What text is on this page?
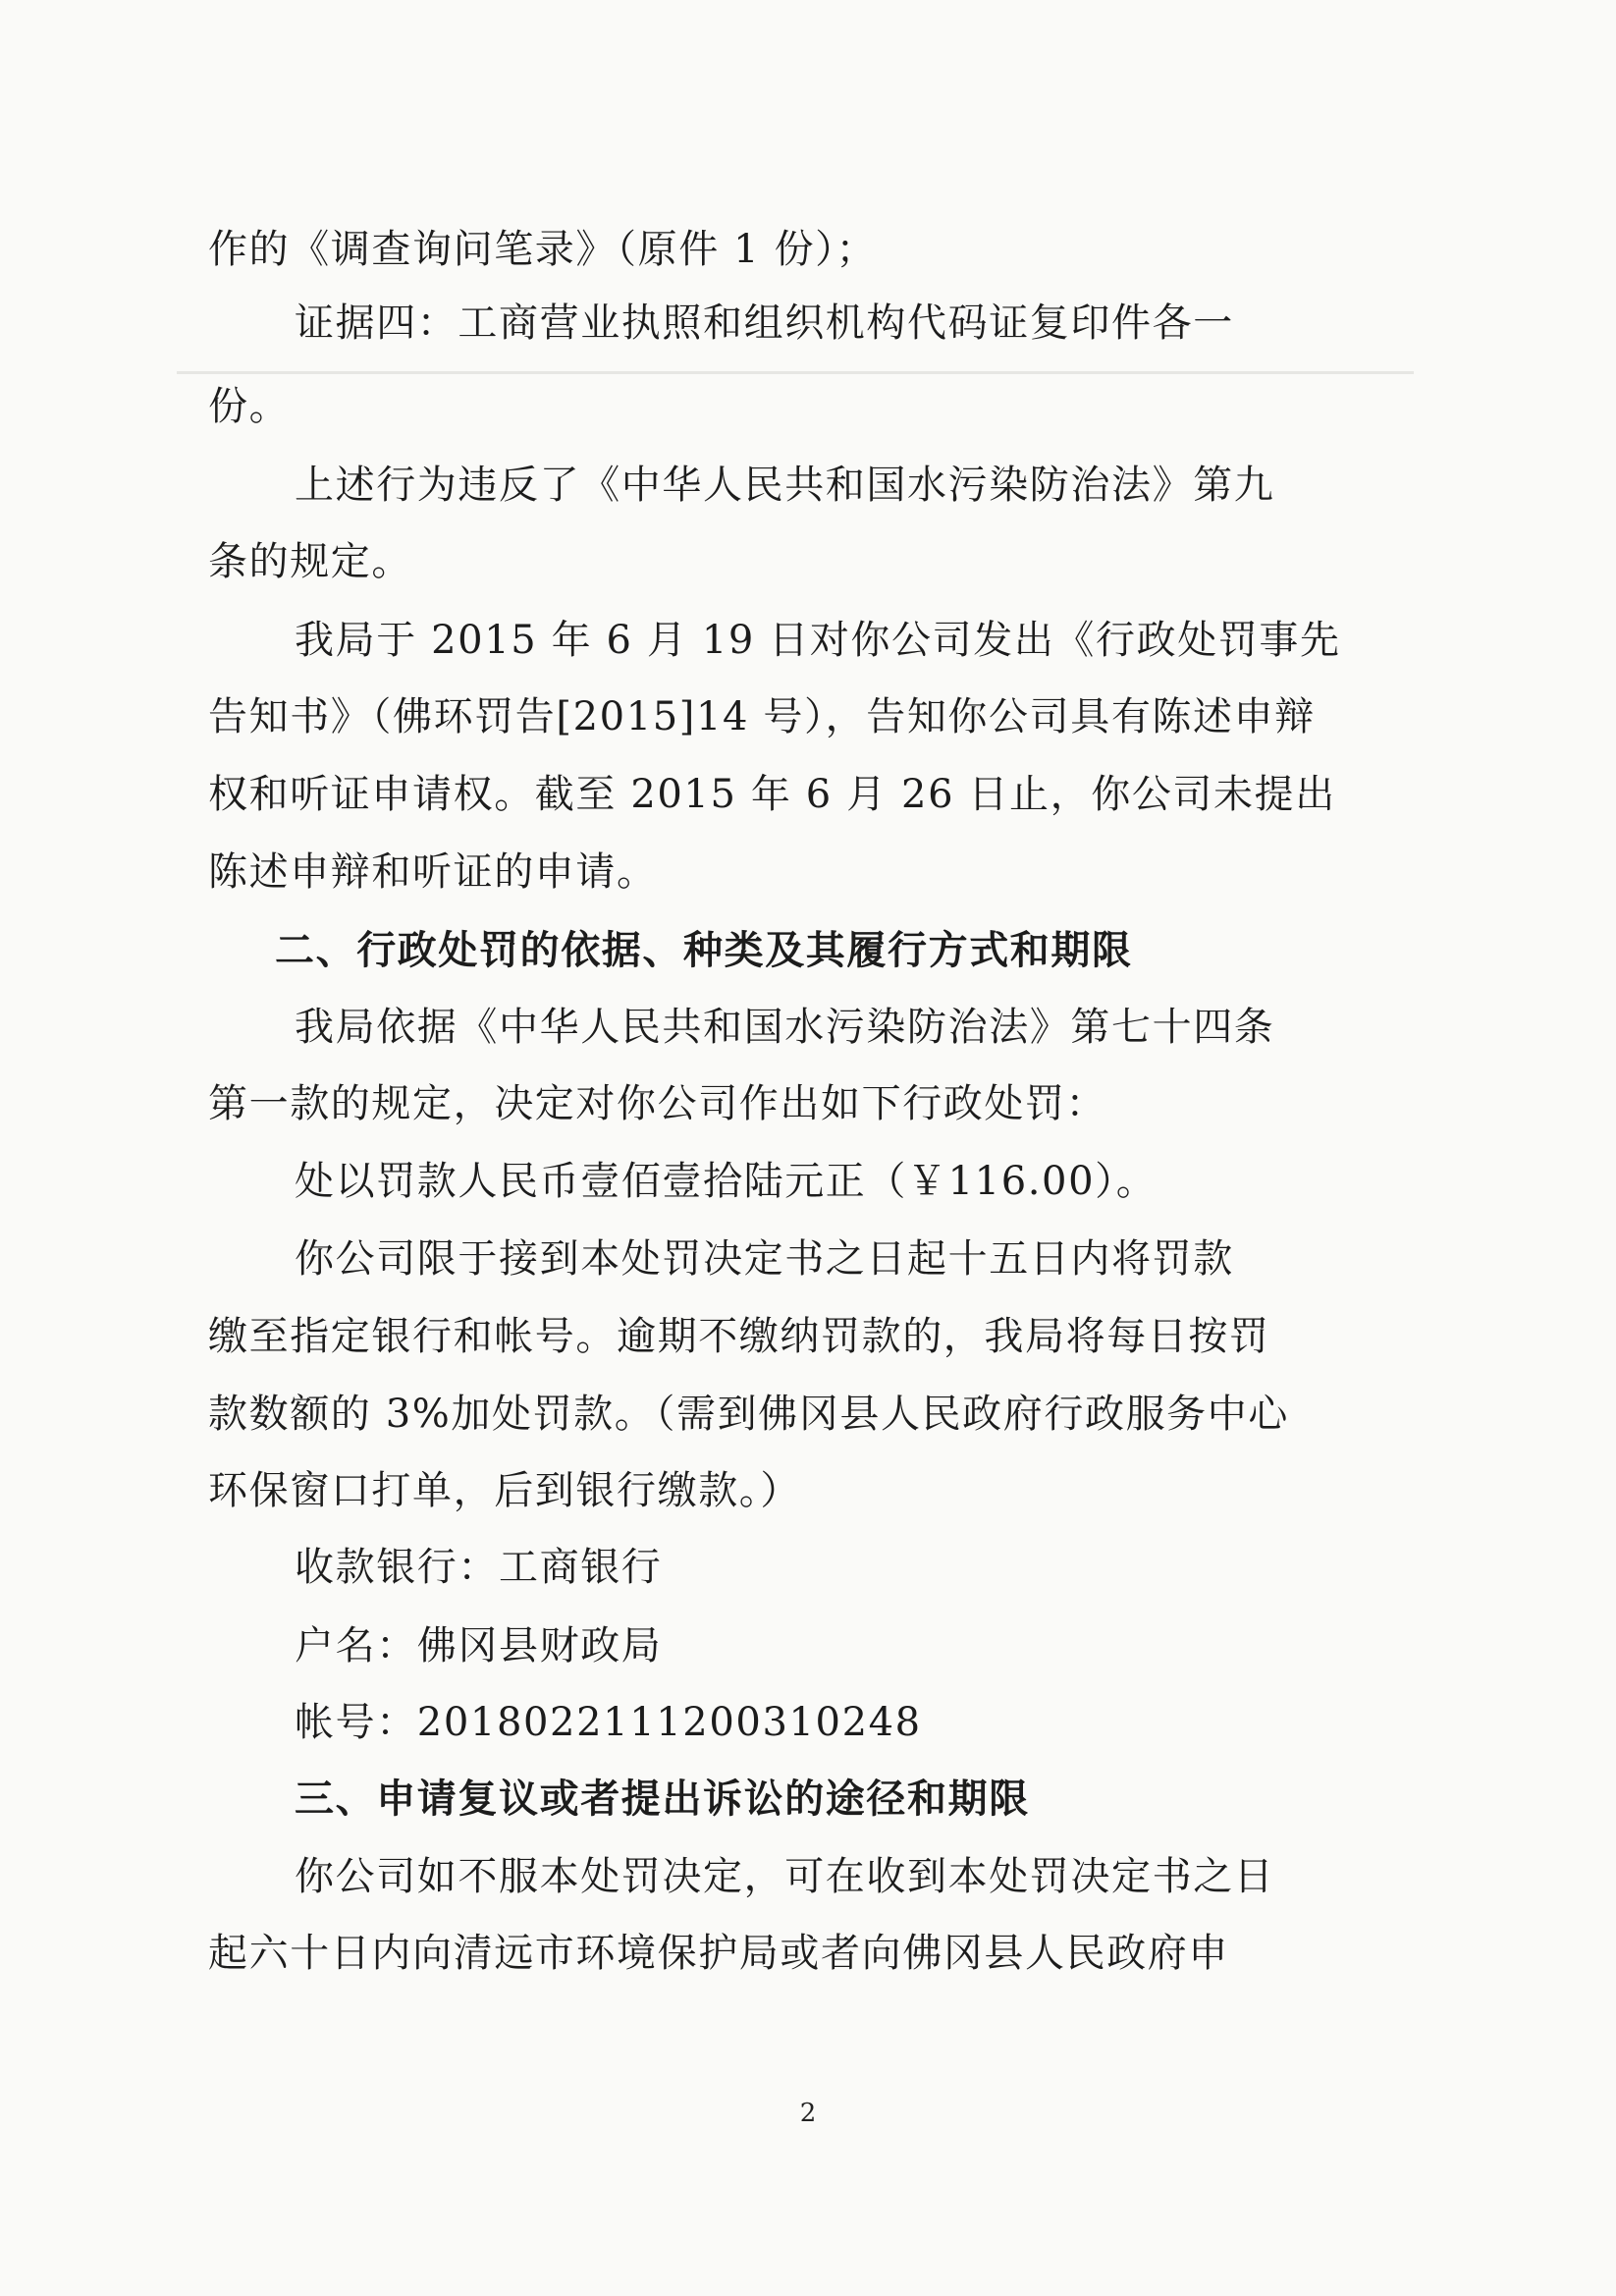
作的《调查询问笔录》（原件 1 份）；
证据四：工商营业执照和组织机构代码证复印件各一
份。
上述行为违反了《中华人民共和国水污染防治法》第九
条的规定。
我局于 2015 年 6 月 19 日对你公司发出《行政处罚事先
告知书》（佛环罚告[2015]14 号），告知你公司具有陈述申辩
权和听证申请权。截至 2015 年 6 月 26 日止，你公司未提出
陈述申辩和听证的申请。
二、行政处罚的依据、种类及其履行方式和期限
我局依据《中华人民共和国水污染防治法》第七十四条
第一款的规定，决定对你公司作出如下行政处罚：
处以罚款人民币壹佰壹拾陆元正（￥116.00）。
你公司限于接到本处罚决定书之日起十五日内将罚款
缴至指定银行和帐号。逾期不缴纳罚款的，我局将每日按罚
款数额的 3%加处罚款。（需到佛冈县人民政府行政服务中心
环保窗口打单，后到银行缴款。）
收款银行：工商银行
户名：佛冈县财政局
帐号：2018022111200310248
三、申请复议或者提出诉讼的途径和期限
你公司如不服本处罚决定，可在收到本处罚决定书之日
起六十日内向清远市环境保护局或者向佛冈县人民政府申
2
